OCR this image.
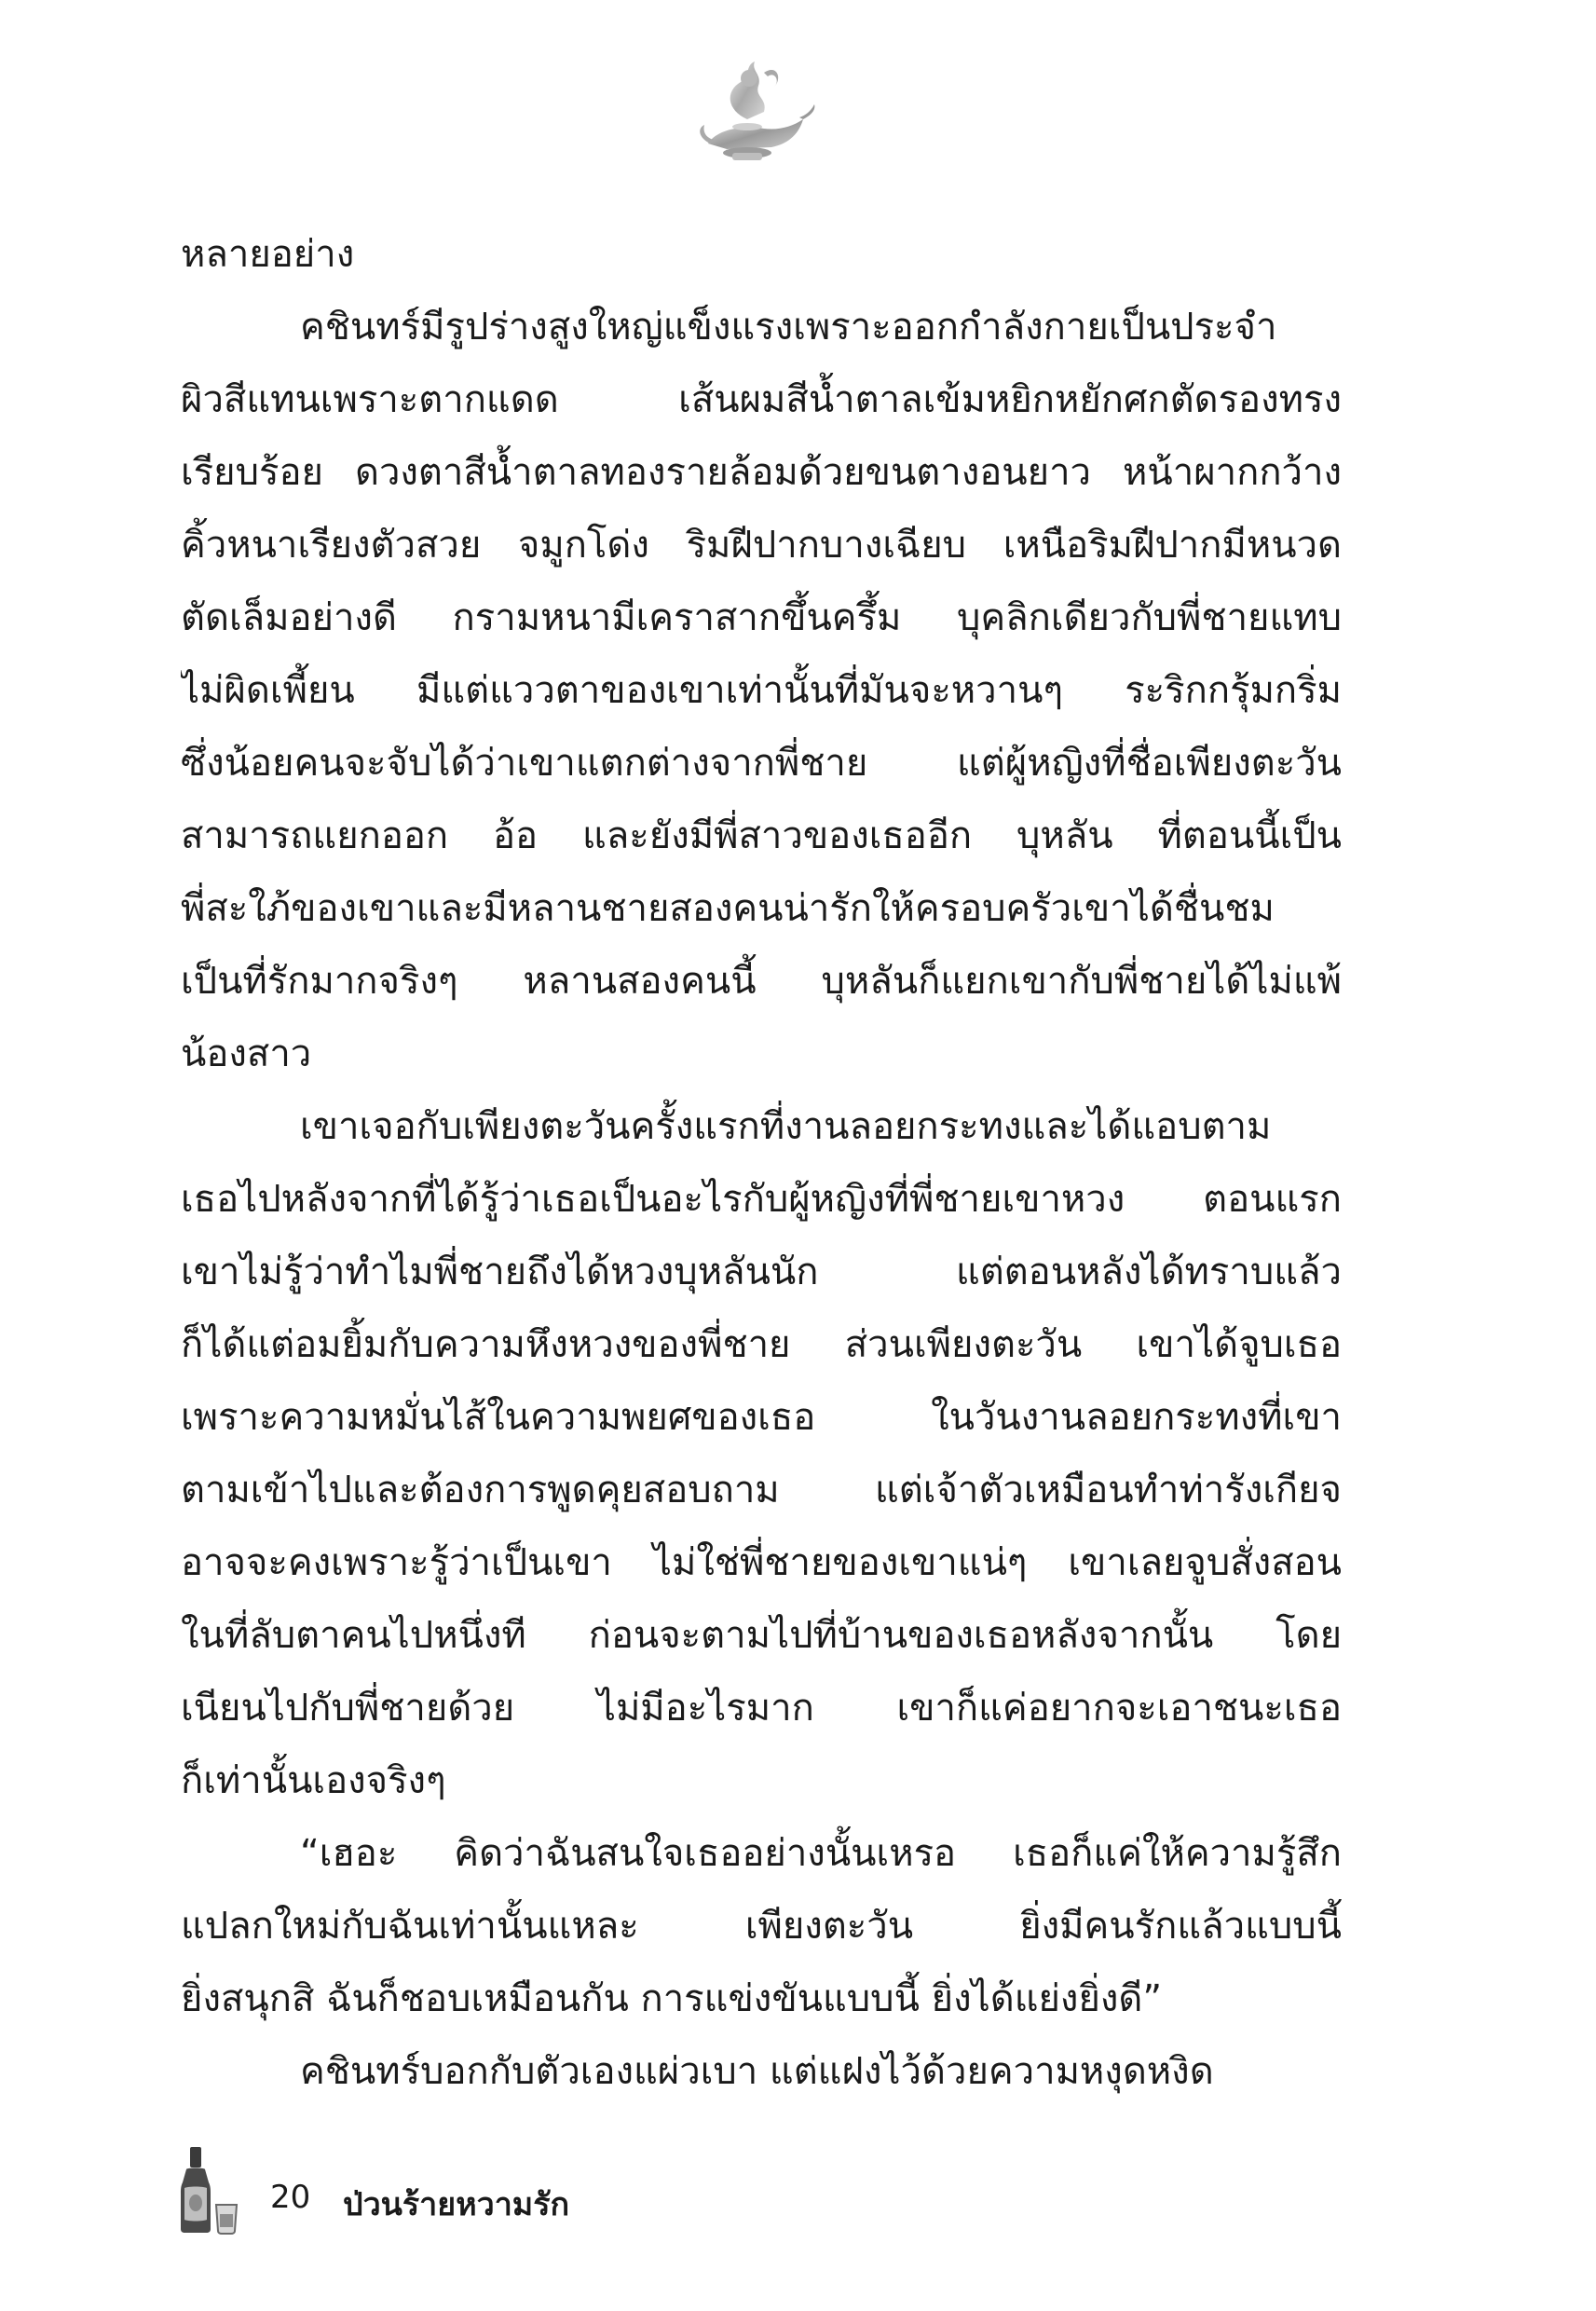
หลายอย่าง
คชินทร์มีรูปร่างสูงใหญ่แข็งแรงเพราะออกกำลังกายเป็นประจำ
ผิวสีแทนเพราะตากแดด เส้นผมสีน้ำตาลเข้มหยิกหยักศกตัดรองทรง
เรียบร้อย ดวงตาสีน้ำตาลทองรายล้อมด้วยขนตางอนยาว หน้าผากกว้าง
คิ้วหนาเรียงตัวสวย จมูกโด่ง ริมฝีปากบางเฉียบ เหนือริมฝีปากมีหนวด
ตัดเล็มอย่างดี กรามหนามีเคราสากขึ้นครึ้ม บุคลิกเดียวกับพี่ชายแทบ
ไม่ผิดเพี้ยน มีแต่แววตาของเขาเท่านั้นที่มันจะหวานๆ ระริกกรุ้มกริ่ม
ซึ่งน้อยคนจะจับได้ว่าเขาแตกต่างจากพี่ชาย แต่ผู้หญิงที่ชื่อเพียงตะวัน
สามารถแยกออก อ้อ และยังมีพี่สาวของเธออีก บุหลัน ที่ตอนนี้เป็น
พี่สะใภ้ของเขาและมีหลานชายสองคนน่ารักให้ครอบครัวเขาได้ชื่นชม
เป็นที่รักมากจริงๆ หลานสองคนนี้ บุหลันก็แยกเขากับพี่ชายได้ไม่แพ้
น้องสาว
เขาเจอกับเพียงตะวันครั้งแรกที่งานลอยกระทงและได้แอบตาม
เธอไปหลังจากที่ได้รู้ว่าเธอเป็นอะไรกับผู้หญิงที่พี่ชายเขาหวง ตอนแรก
เขาไม่รู้ว่าทำไมพี่ชายถึงได้หวงบุหลันนัก แต่ตอนหลังได้ทราบแล้ว
ก็ได้แต่อมยิ้มกับความหึงหวงของพี่ชาย ส่วนเพียงตะวัน เขาได้จูบเธอ
เพราะความหมั่นไส้ในความพยศของเธอ ในวันงานลอยกระทงที่เขา
ตามเข้าไปและต้องการพูดคุยสอบถาม แต่เจ้าตัวเหมือนทำท่ารังเกียจ
อาจจะคงเพราะรู้ว่าเป็นเขา ไม่ใช่พี่ชายของเขาแน่ๆ เขาเลยจูบสั่งสอน
ในที่ลับตาคนไปหนึ่งที ก่อนจะตามไปที่บ้านของเธอหลังจากนั้น โดย
เนียนไปกับพี่ชายด้วย ไม่มีอะไรมาก เขาก็แค่อยากจะเอาชนะเธอ
ก็เท่านั้นเองจริงๆ
“เฮอะ คิดว่าฉันสนใจเธออย่างนั้นเหรอ เธอก็แค่ให้ความรู้สึก
แปลกใหม่กับฉันเท่านั้นแหละ เพียงตะวัน ยิ่งมีคนรักแล้วแบบนี้
ยิ่งสนุกสิ ฉันก็ชอบเหมือนกัน การแข่งขันแบบนี้ ยิ่งได้แย่งยิ่งดี”
คชินทร์บอกกับตัวเองแผ่วเบา แต่แฝงไว้ด้วยความหงุดหงิด
20 ป่วนร้ายหวามรัก
